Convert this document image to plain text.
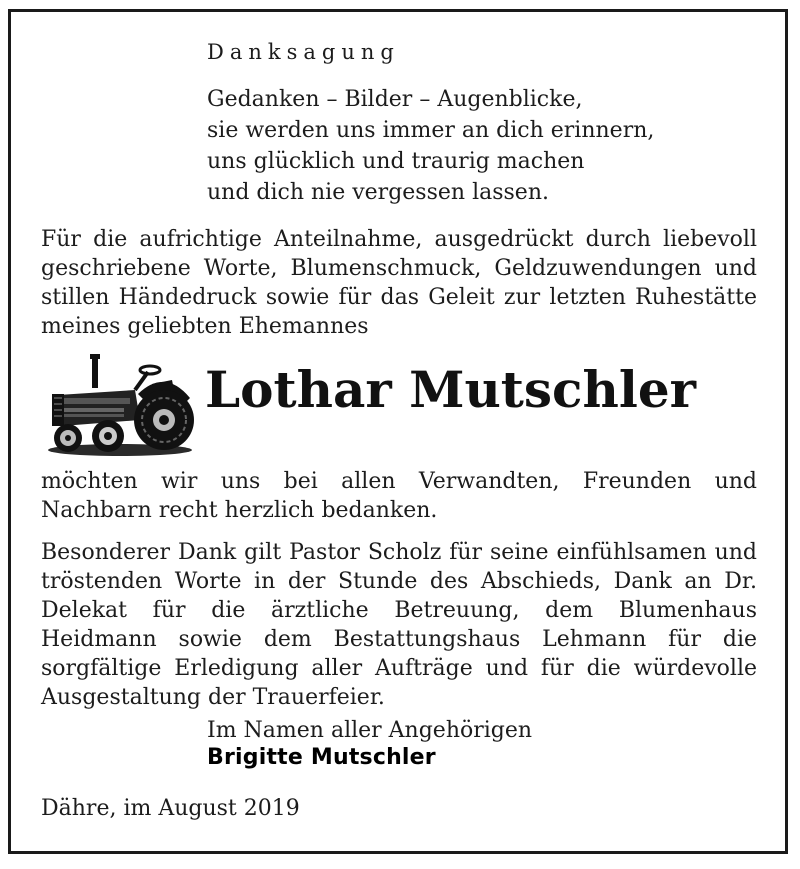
Danksagung
Gedanken – Bilder – Augenblicke,
sie werden uns immer an dich erinnern,
uns glücklich und traurig machen
und dich nie vergessen lassen.
Für die aufrichtige Anteilnahme, ausgedrückt durch liebevoll geschriebene Worte, Blumenschmuck, Geldzuwendungen und stillen Händedruck sowie für das Geleit zur letzten Ruhestätte meines geliebten Ehemannes
Lothar Mutschler
möchten wir uns bei allen Verwandten, Freunden und Nachbarn recht herzlich bedanken.
Besonderer Dank gilt Pastor Scholz für seine einfühlsamen und tröstenden Worte in der Stunde des Abschieds, Dank an Dr. Delekat für die ärztliche Betreuung, dem Blumenhaus Heidmann sowie dem Bestattungshaus Lehmann für die sorgfältige Erledigung aller Aufträge und für die würdevolle Ausgestaltung der Trauerfeier.
Im Namen aller Angehörigen
Brigitte Mutschler
Dähre, im August 2019
